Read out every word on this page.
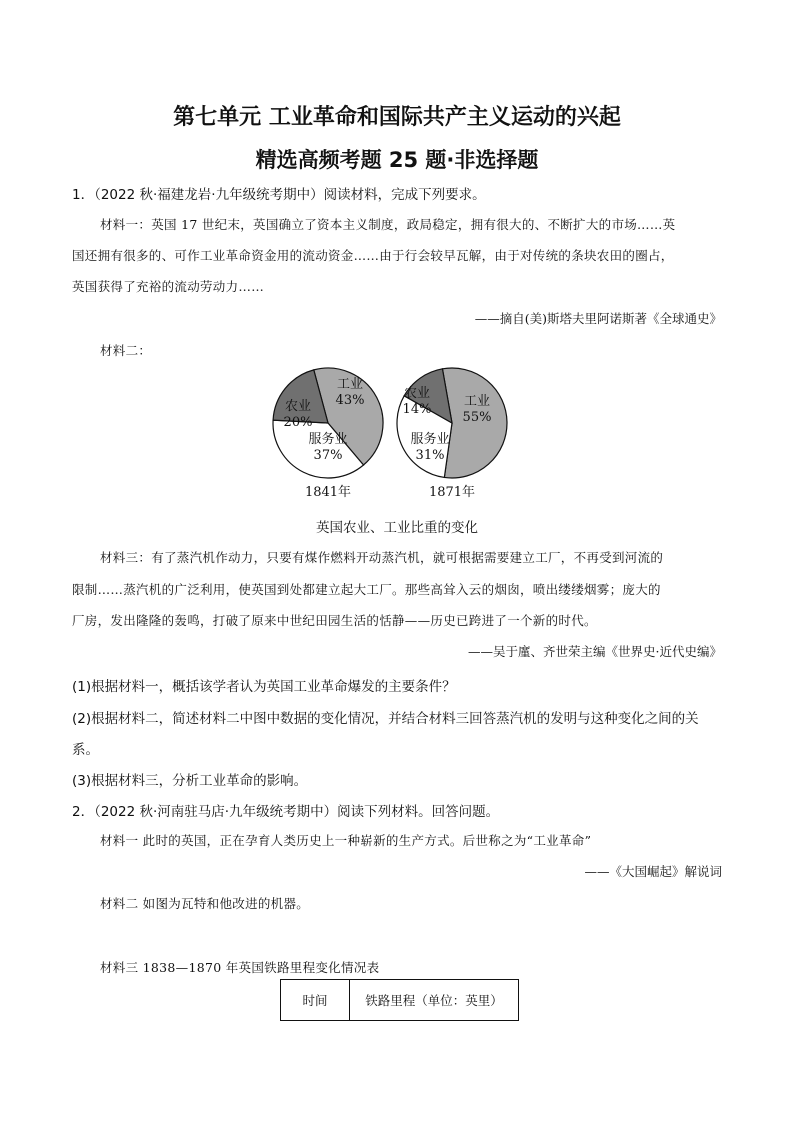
第七单元 工业革命和国际共产主义运动的兴起
精选高频考题 25 题·非选择题
1．（2022 秋·福建龙岩·九年级统考期中）阅读材料，完成下列要求。
材料一：英国 17 世纪末，英国确立了资本主义制度，政局稳定，拥有很大的、不断扩大的市场……英
国还拥有很多的、可作工业革命资金用的流动资金……由于行会较早瓦解，由于对传统的条块农田的圈占，
英国获得了充裕的流动劳动力……
——摘自(美)斯塔夫里阿诺斯著《全球通史》
材料二：
工业
43%
服务业
37%
农业
20%
1841年
工业
55%
服务业
31%
农业
14%
1871年
英国农业、工业比重的变化
材料三：有了蒸汽机作动力，只要有煤作燃料开动蒸汽机，就可根据需要建立工厂，不再受到河流的
限制……蒸汽机的广泛利用，使英国到处都建立起大工厂。那些高耸入云的烟囱，喷出缕缕烟雾；庞大的
厂房，发出隆隆的轰鸣，打破了原来中世纪田园生活的恬静——历史已跨进了一个新的时代。
——吴于廑、齐世荣主编《世界史·近代史编》
(1)根据材料一，概括该学者认为英国工业革命爆发的主要条件？
(2)根据材料二，简述材料二中图中数据的变化情况，并结合材料三回答蒸汽机的发明与这种变化之间的关
系。
(3)根据材料三，分析工业革命的影响。
2．（2022 秋·河南驻马店·九年级统考期中）阅读下列材料。回答问题。
材料一 此时的英国，正在孕育人类历史上一种崭新的生产方式。后世称之为“工业革命”
——《大国崛起》解说词
材料二 如图为瓦特和他改进的机器。
材料三 1838—1870 年英国铁路里程变化情况表
时间	铁路里程（单位：英里）
